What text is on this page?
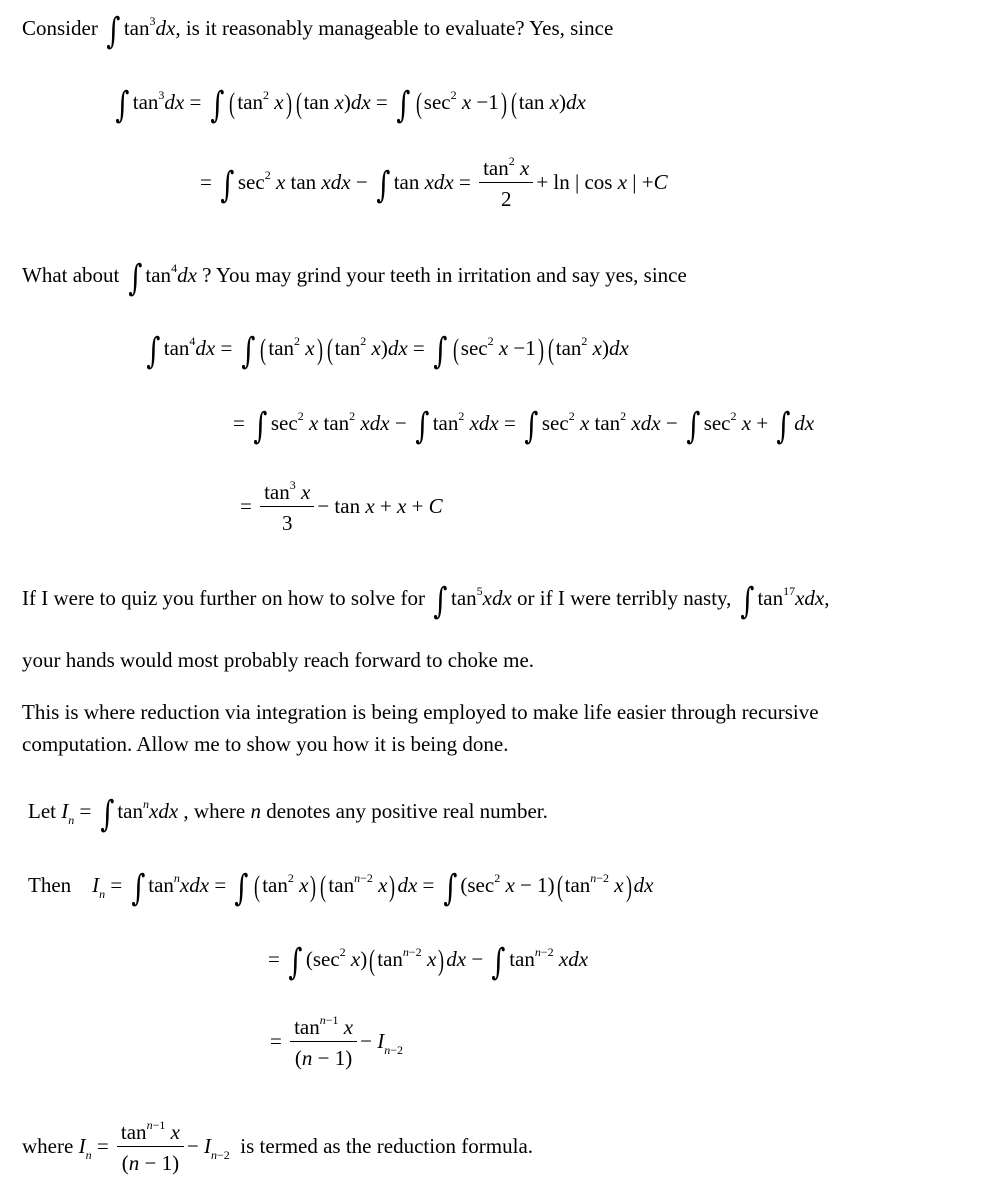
Consider ∫ $\tan^3dx$, is it reasonably manageable to evaluate? Yes, since
∫ $\tan^3dx$ = ∫ ($\tan^2$ x) (tan x)dx = ∫ ($\sec^2$ x −1) (tan x)dx
= ∫ $\sec^2 x$ tan xdx − ∫ tan xdx = $\frac{\tan^2 x}{2} + \ln$ | cos x | +C
What about ∫ $\tan^4dx$ ? You may grind your teeth in irritation and say yes, since
∫ $\tan^4dx$ = ∫ ($\tan^2$ x) ($\tan^2$ x)dx = ∫ ($\sec^2$ x −1) ($\tan^2$ x)dx
= ∫ $\sec^2 x$ $\tan^2$ xdx − ∫ $\tan^2$ xdx = ∫ $\sec^2 x$ $\tan^2$ xdx − ∫ $\sec^2 x$ + ∫ dx
= $\frac{\tan^3 x}{3} - \tan x + x + C$
If I were to quiz you further on how to solve for ∫ $\tan^5xdx$ or if I were terribly nasty, ∫ $\tan^{17}xdx$,
your hands would most probably reach forward to choke me.
This is where reduction via integration is being employed to make life easier through recursive
computation. Allow me to show you how it is being done.
Let $I_n$ = ∫ $\tan^nxdx$ , where n denotes any positive real number.
Then $I_n$ = ∫ $\tan^nxdx$ = ∫ ($\tan^2$ x) ($\tan^{n-2}$ x)dx = ∫ ($\sec^2$ $x - 1)(\tan^{n-2}$ x)dx
= ∫ ($\sec^2$ $x)(\tan^{n-2}$ x)dx − ∫ $\tan^{n-2}$ xdx
= $\frac{\tan^{n-1} x}{(n - 1)} - I_{n-2}$
where $I_n = \frac{\tan^{n-1} x}{(n - 1)} - I_{n-2}$ is termed as the reduction formula.
